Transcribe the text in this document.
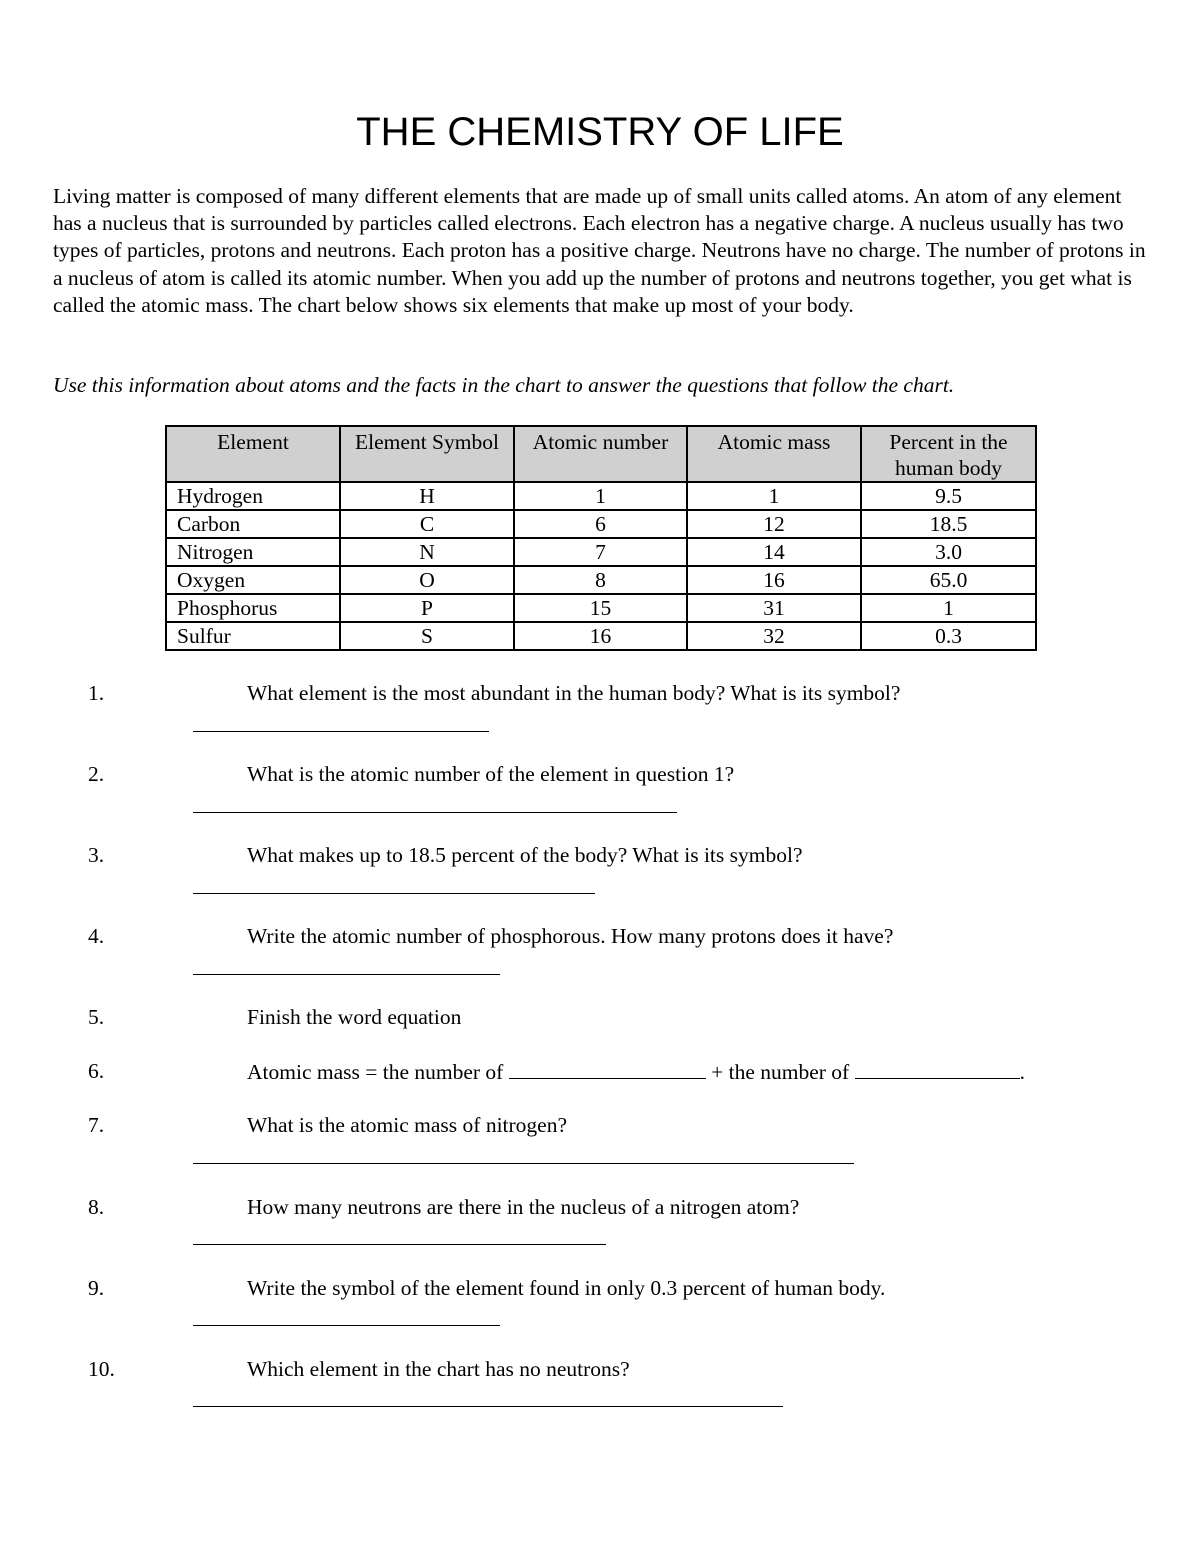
THE CHEMISTRY OF LIFE

Living matter is composed of many different elements that are made up of small units called atoms. An atom of any element has a nucleus that is surrounded by particles called electrons. Each electron has a negative charge. A nucleus usually has two types of particles, protons and neutrons. Each proton has a positive charge. Neutrons have no charge. The number of protons in a nucleus of atom is called its atomic number. When you add up the number of protons and neutrons together, you get what is called the atomic mass. The chart below shows six elements that make up most of your body.

Use this information about atoms and the facts in the chart to answer the questions that follow the chart.

Element	Element Symbol	Atomic number	Atomic mass	Percent in the human body
Hydrogen	H	1	1	9.5
Carbon	C	6	12	18.5
Nitrogen	N	7	14	3.0
Oxygen	O	8	16	65.0
Phosphorus	P	15	31	1
Sulfur	S	16	32	0.3
1.	What element is the most abundant in the human body? What is its symbol?
2.	What is the atomic number of the element in question 1?
3.	What makes up to 18.5 percent of the body? What is its symbol?
4.	Write the atomic number of phosphorous. How many protons does it have?
5.	Finish the word equation
6.	Atomic mass = the number of	+ the number of	.
7.	What is the atomic mass of nitrogen?
8.	How many neutrons are there in the nucleus of a nitrogen atom?
9.	Write the symbol of the element found in only 0.3 percent of human body.
10.	Which element in the chart has no neutrons?
